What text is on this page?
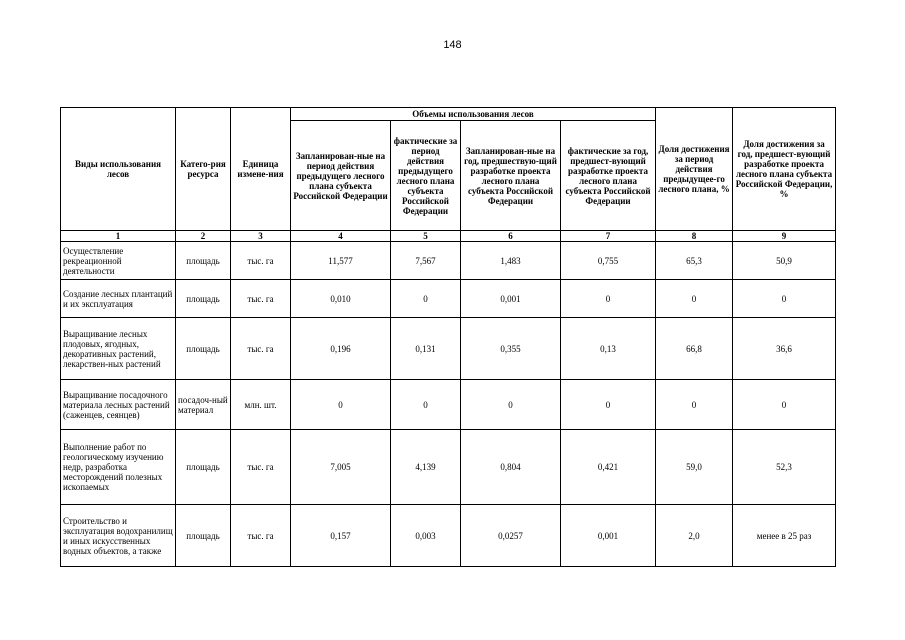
148
Виды использования лесов	Катего-рия ресурса	Единица измене-ния	Объемы использования лесов				Доля достижения за период действия предыдущее-го лесного плана, %	Доля достижения за год, предшест-вующий разработке проекта лесного плана субъекта Российской Федерации, %
			Запланирован-ные на период действия предыдущего лесного плана субъекта Российской Федерации	фактические за период действия предыдущего лесного плана субъекта Российской Федерации	Запланирован-ные на год, предшествую-щий разработке проекта лесного плана субъекта Российской Федерации	фактические за год, предшест-вующий разработке проекта лесного плана субъекта Российской Федерации		
1	2	3	4	5	6	7	8	9
Осуществление рекреационной деятельности	площадь	тыс. га	11,577	7,567	1,483	0,755	65,3	50,9
Создание лесных плантаций и их эксплуатация	площадь	тыс. га	0,010	0	0,001	0	0	0
Выращивание лесных плодовых, ягодных, декоративных растений, лекарствен-ных растений	площадь	тыс. га	0,196	0,131	0,355	0,13	66,8	36,6
Выращивание посадочного материала лесных растений (саженцев, сеянцев)	посадоч-ный материал	млн. шт.	0	0	0	0	0	0
Выполнение работ по геологическому изучению недр, разработка месторождений полезных ископаемых	площадь	тыс. га	7,005	4,139	0,804	0,421	59,0	52,3
Строительство и эксплуатация водохранилищ и иных искусственных водных объектов, а также	площадь	тыс. га	0,157	0,003	0,0257	0,001	2,0	менее в 25 раз
